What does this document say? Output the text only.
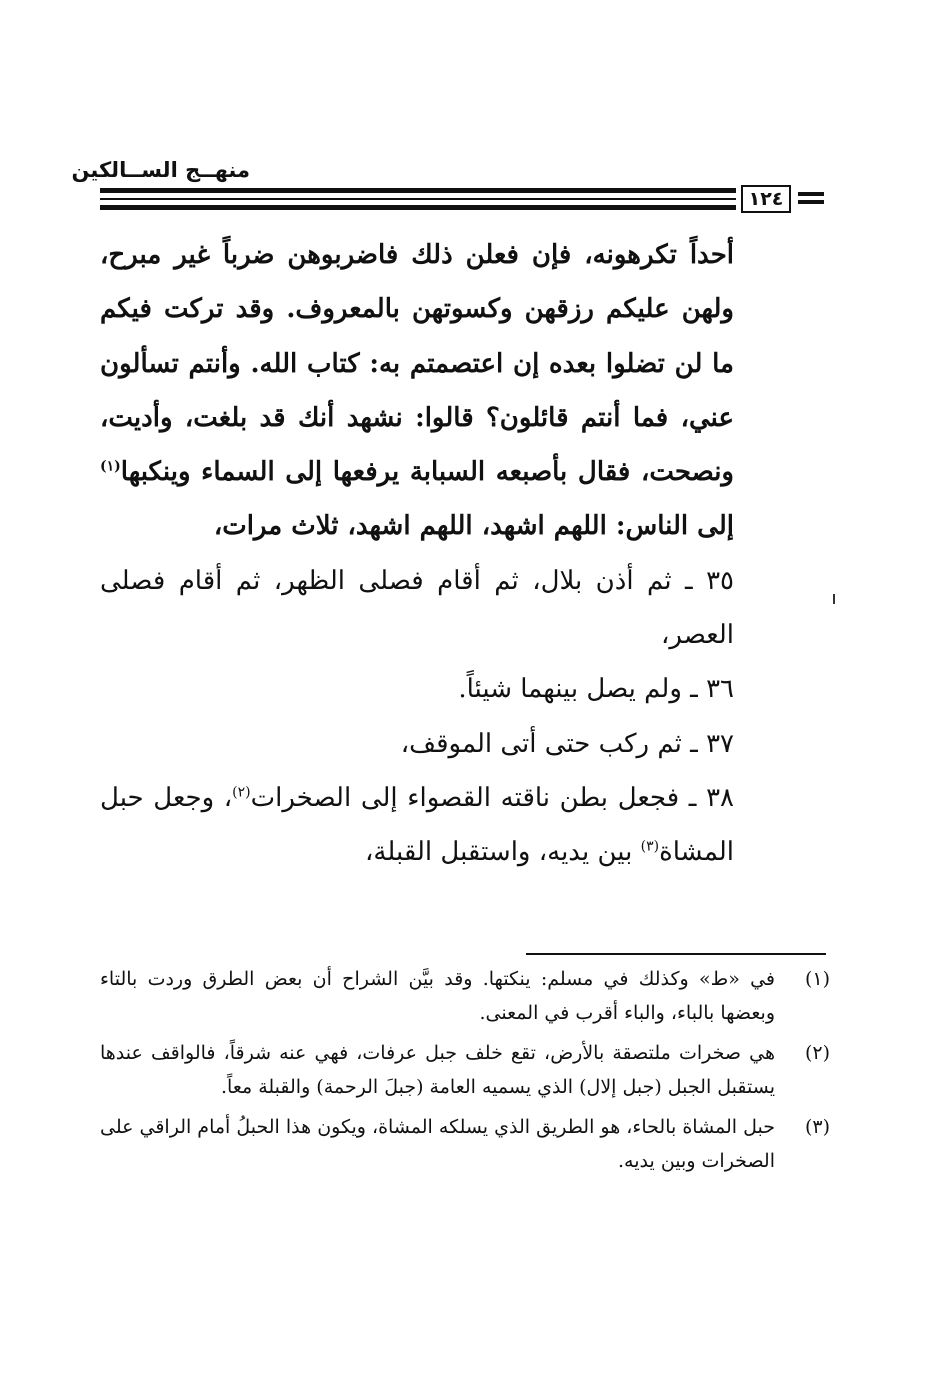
منهــج الســالكين
١٢٤

أحداً تكرهونه، فإن فعلن ذلك فاضربوهن ضرباً غير مبرح، ولهن عليكم رزقهن وكسوتهن بالمعروف. وقد تركت فيكم ما لن تضلوا بعده إن اعتصمتم به: كتاب الله. وأنتم تسألون عني، فما أنتم قائلون؟ قالوا: نشهد أنك قد بلغت، وأديت، ونصحت، فقال بأصبعه السبابة يرفعها إلى السماء وينكبها$^{(١)}$ إلى الناس: اللهم اشهد، اللهم اشهد، ثلاث مرات،

٣٥ ـ ثم أذن بلال، ثم أقام فصلى الظهر، ثم أقام فصلى العصر،

٣٦ ـ ولم يصل بينهما شيئاً.

٣٧ ـ ثم ركب حتى أتى الموقف،

٣٨ ـ فجعل بطن ناقته القصواء إلى الصخرات$^{(٢)}$، وجعل حبل المشاة$^{(٣)}$ بين يديه، واستقبل القبلة،

(١)
في «ط» وكذلك في مسلم: ينكتها. وقد بيَّن الشراح أن بعض الطرق وردت بالتاء وبعضها بالباء، والباء أقرب في المعنى.
(٢)
هي صخرات ملتصقة بالأرض، تقع خلف جبل عرفات، فهي عنه شرقاً، فالواقف عندها يستقبل الجبل (جبل إلال) الذي يسميه العامة (جبلَ الرحمة) والقبلة معاً.
(٣)
حبل المشاة بالحاء، هو الطريق الذي يسلكه المشاة، ويكون هذا الحبلُ أمام الراقي على الصخرات وبين يديه.
